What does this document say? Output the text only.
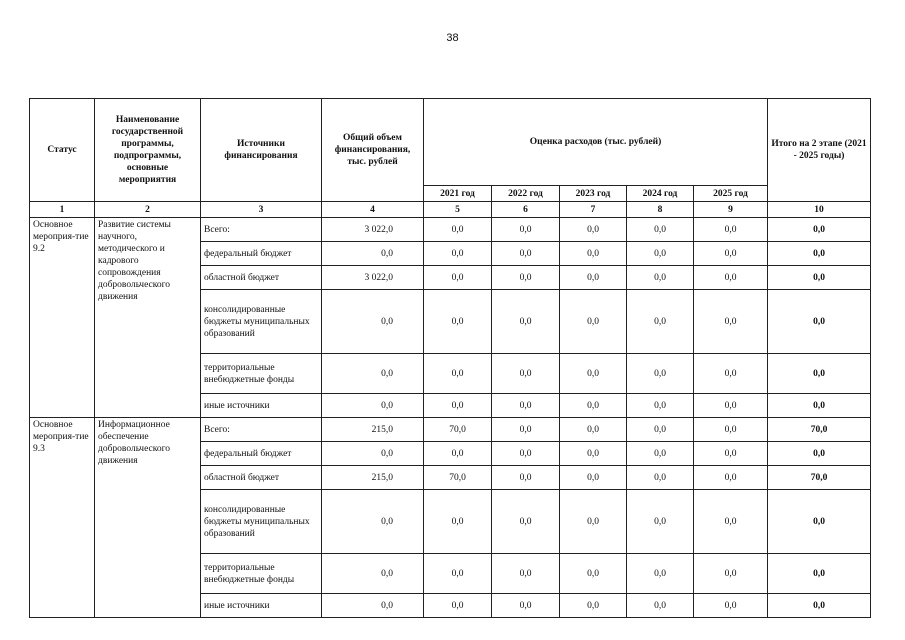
38
Статус	Наименование государственной программы, подпрограммы, основные мероприятия	Источники финансирования	Общий объем финансирования, тыс. рублей	Оценка расходов (тыс. рублей)					Итого на 2 этапе (2021 - 2025 годы)
				2021 год	2022 год	2023 год	2024 год	2025 год	
1	2	3	4	5	6	7	8	9	10
Основное мероприя-тие 9.2	Развитие системы научного, методического и кадрового сопровождения добровольческого движения	Всего:	3 022,0	0,0	0,0	0,0	0,0	0,0	0,0
		федеральный бюджет	0,0	0,0	0,0	0,0	0,0	0,0	0,0
		областной бюджет	3 022,0	0,0	0,0	0,0	0,0	0,0	0,0
		консолидированные бюджеты муниципальных образований	0,0	0,0	0,0	0,0	0,0	0,0	0,0
		территориальные внебюджетные фонды	0,0	0,0	0,0	0,0	0,0	0,0	0,0
		иные источники	0,0	0,0	0,0	0,0	0,0	0,0	0,0
Основное мероприя-тие 9.3	Информационное обеспечение добровольческого движения	Всего:	215,0	70,0	0,0	0,0	0,0	0,0	70,0
		федеральный бюджет	0,0	0,0	0,0	0,0	0,0	0,0	0,0
		областной бюджет	215,0	70,0	0,0	0,0	0,0	0,0	70,0
		консолидированные бюджеты муниципальных образований	0,0	0,0	0,0	0,0	0,0	0,0	0,0
		территориальные внебюджетные фонды	0,0	0,0	0,0	0,0	0,0	0,0	0,0
		иные источники	0,0	0,0	0,0	0,0	0,0	0,0	0,0
